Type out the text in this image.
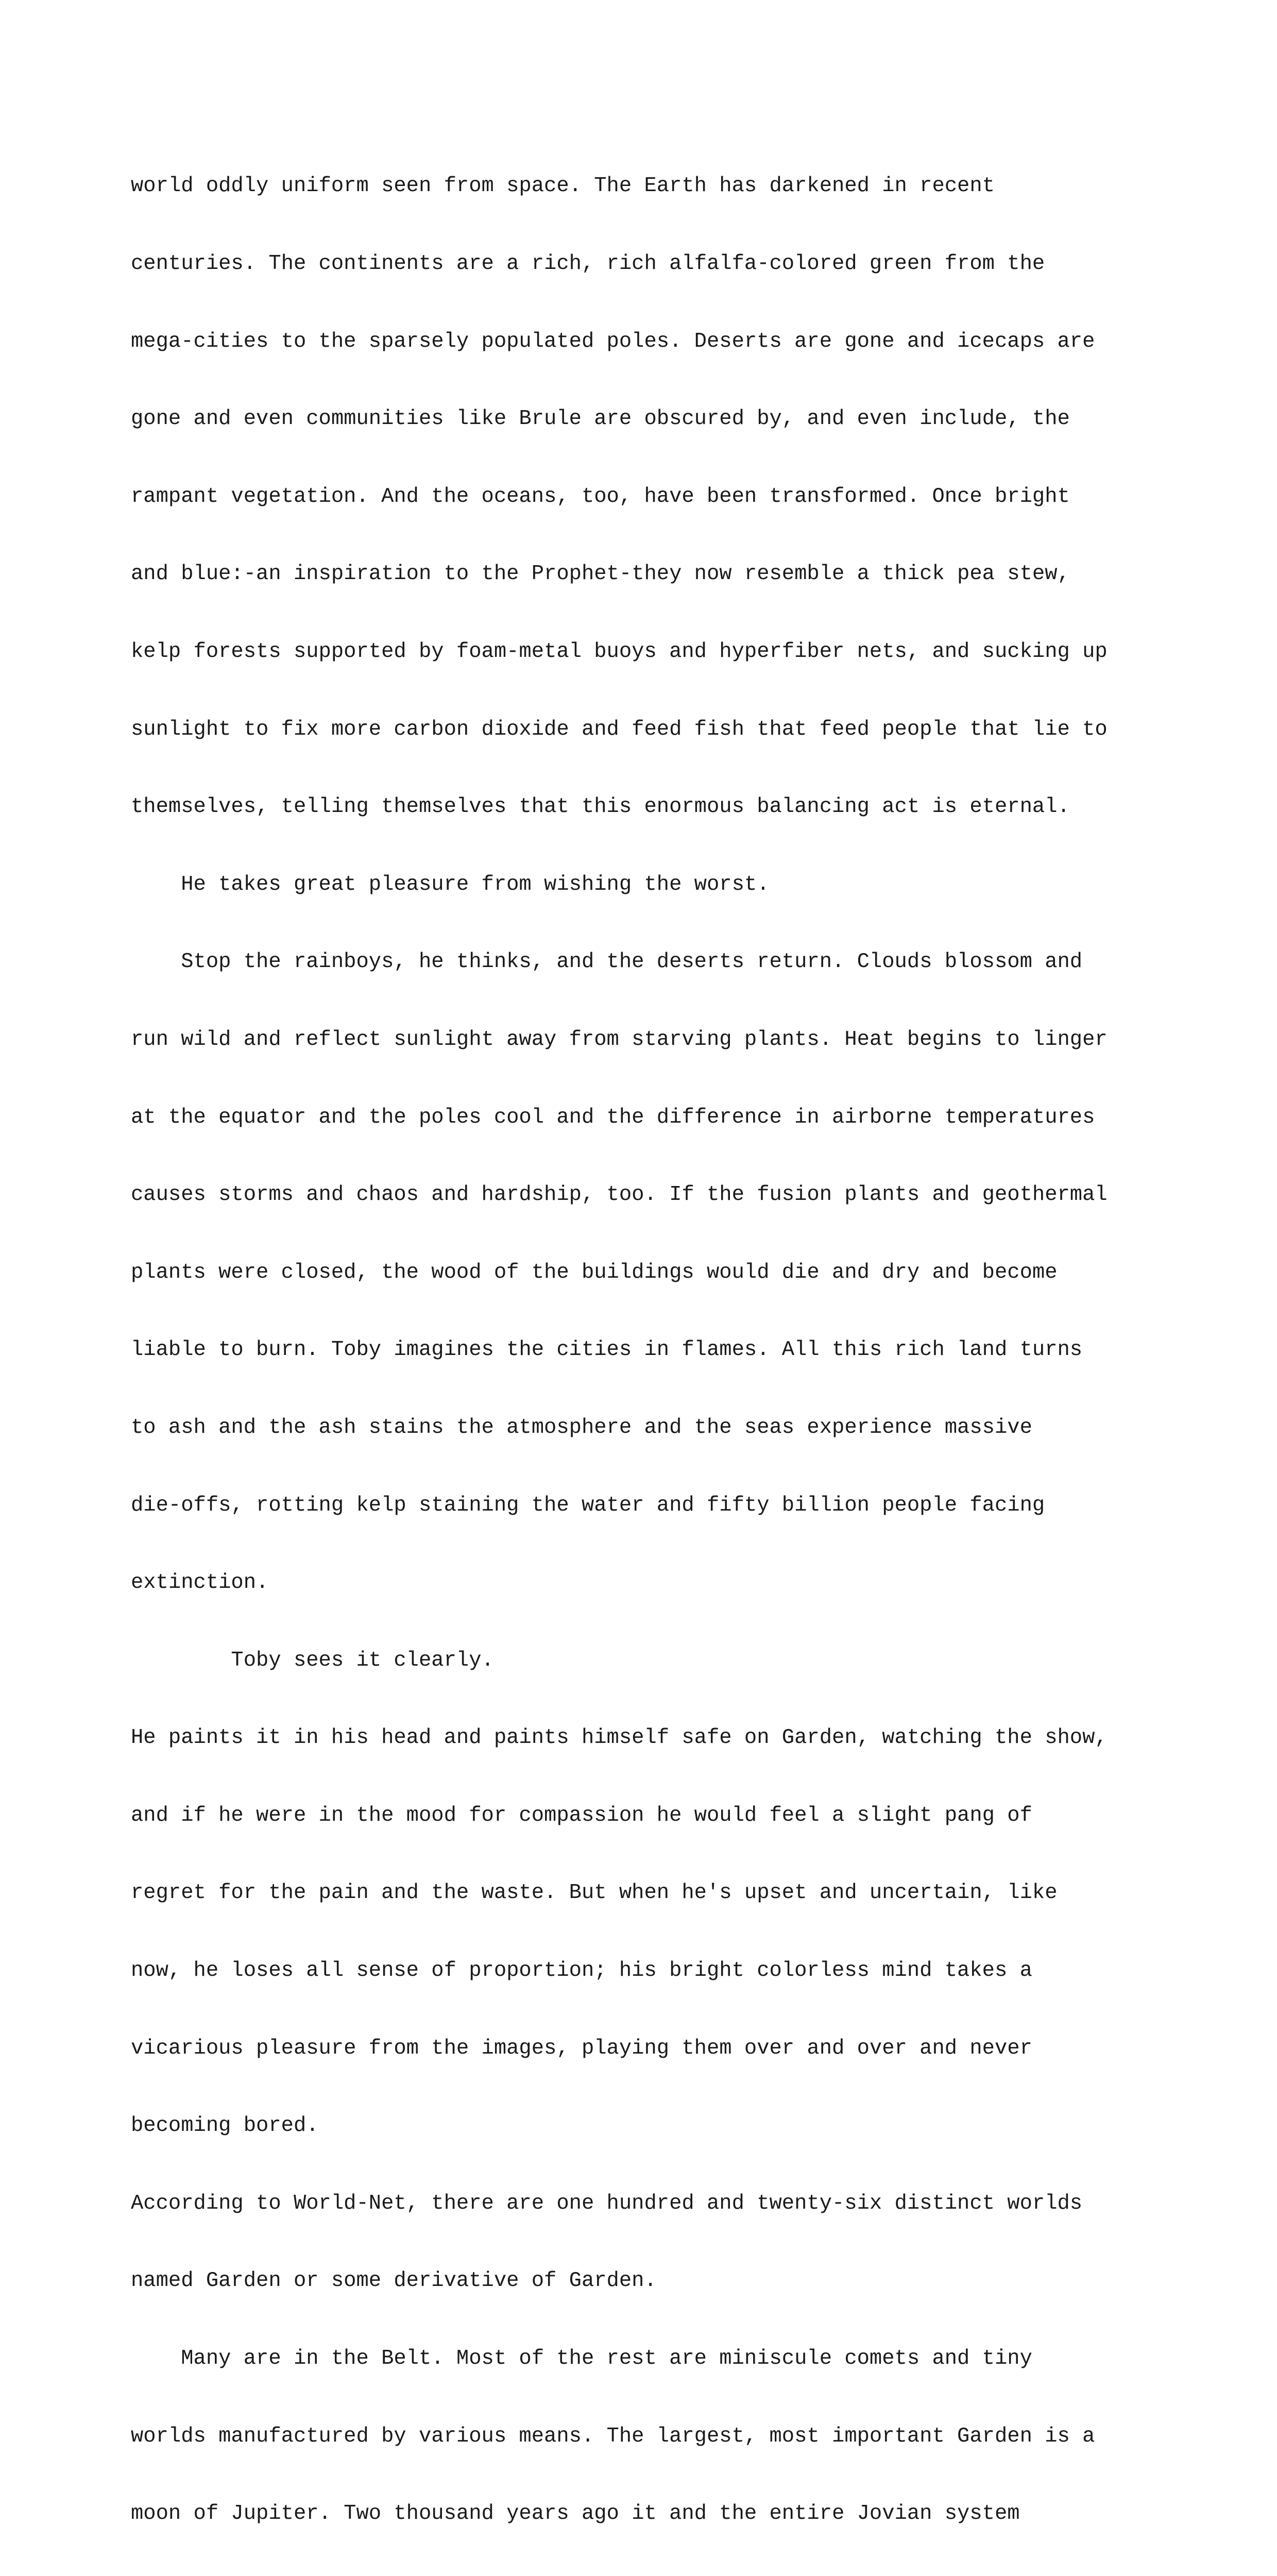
world oddly uniform seen from space. The Earth has darkened in recent

centuries. The continents are a rich, rich alfalfa-colored green from the

mega-cities to the sparsely populated poles. Deserts are gone and icecaps are

gone and even communities like Brule are obscured by, and even include, the

rampant vegetation. And the oceans, too, have been transformed. Once bright

and blue:-an inspiration to the Prophet-they now resemble a thick pea stew,

kelp forests supported by foam-metal buoys and hyperfiber nets, and sucking up

sunlight to fix more carbon dioxide and feed fish that feed people that lie to

themselves, telling themselves that this enormous balancing act is eternal.

He takes great pleasure from wishing the worst.

Stop the rainboys, he thinks, and the deserts return. Clouds blossom and

run wild and reflect sunlight away from starving plants. Heat begins to linger

at the equator and the poles cool and the difference in airborne temperatures

causes storms and chaos and hardship, too. If the fusion plants and geothermal

plants were closed, the wood of the buildings would die and dry and become

liable to burn. Toby imagines the cities in flames. All this rich land turns

to ash and the ash stains the atmosphere and the seas experience massive

die-offs, rotting kelp staining the water and fifty billion people facing

extinction.

Toby sees it clearly.

He paints it in his head and paints himself safe on Garden, watching the show,

and if he were in the mood for compassion he would feel a slight pang of

regret for the pain and the waste. But when he's upset and uncertain, like

now, he loses all sense of proportion; his bright colorless mind takes a

vicarious pleasure from the images, playing them over and over and never

becoming bored.

According to World-Net, there are one hundred and twenty-six distinct worlds

named Garden or some derivative of Garden.

Many are in the Belt. Most of the rest are miniscule comets and tiny

worlds manufactured by various means. The largest, most important Garden is a

moon of Jupiter. Two thousand years ago it and the entire Jovian system
